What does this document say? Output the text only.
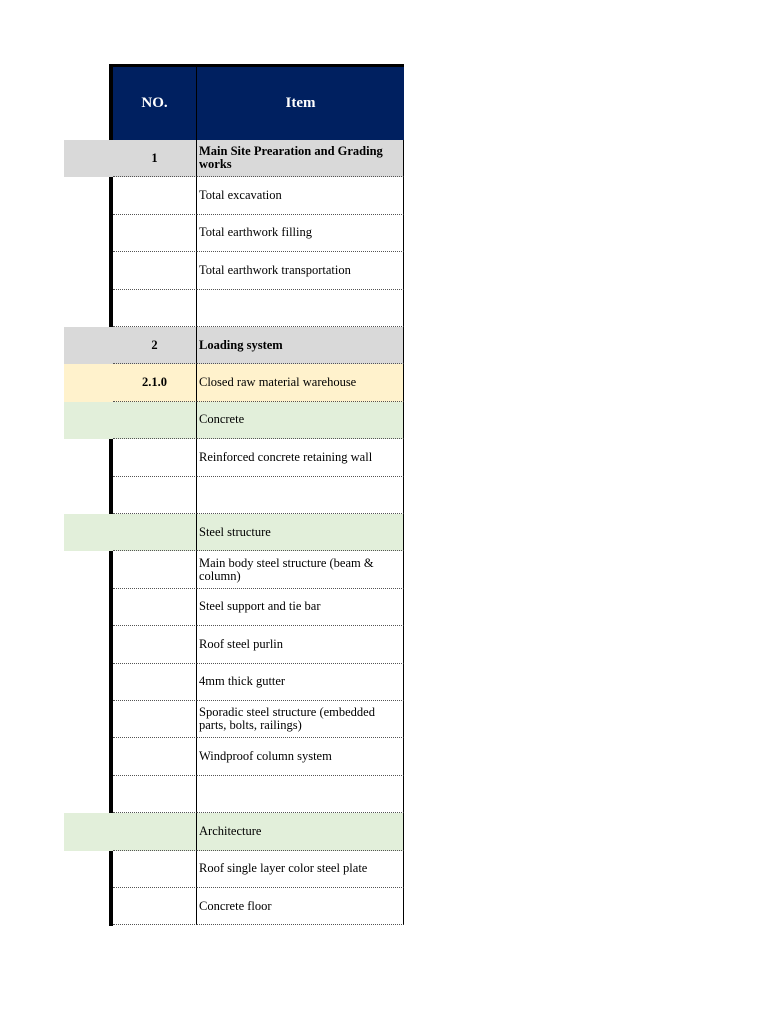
NO.	Item
1	Main Site Prearation and Grading works
Total excavation
Total earthwork filling
Total earthwork transportation
2	Loading system
2.1.0	Closed raw material warehouse
Concrete
Reinforced concrete retaining wall
Steel structure
Main body steel structure (beam & column)
Steel support and tie bar
Roof steel purlin
4mm thick gutter
Sporadic steel structure (embedded parts, bolts, railings)
Windproof column system
Architecture
Roof single layer color steel plate
Concrete floor
